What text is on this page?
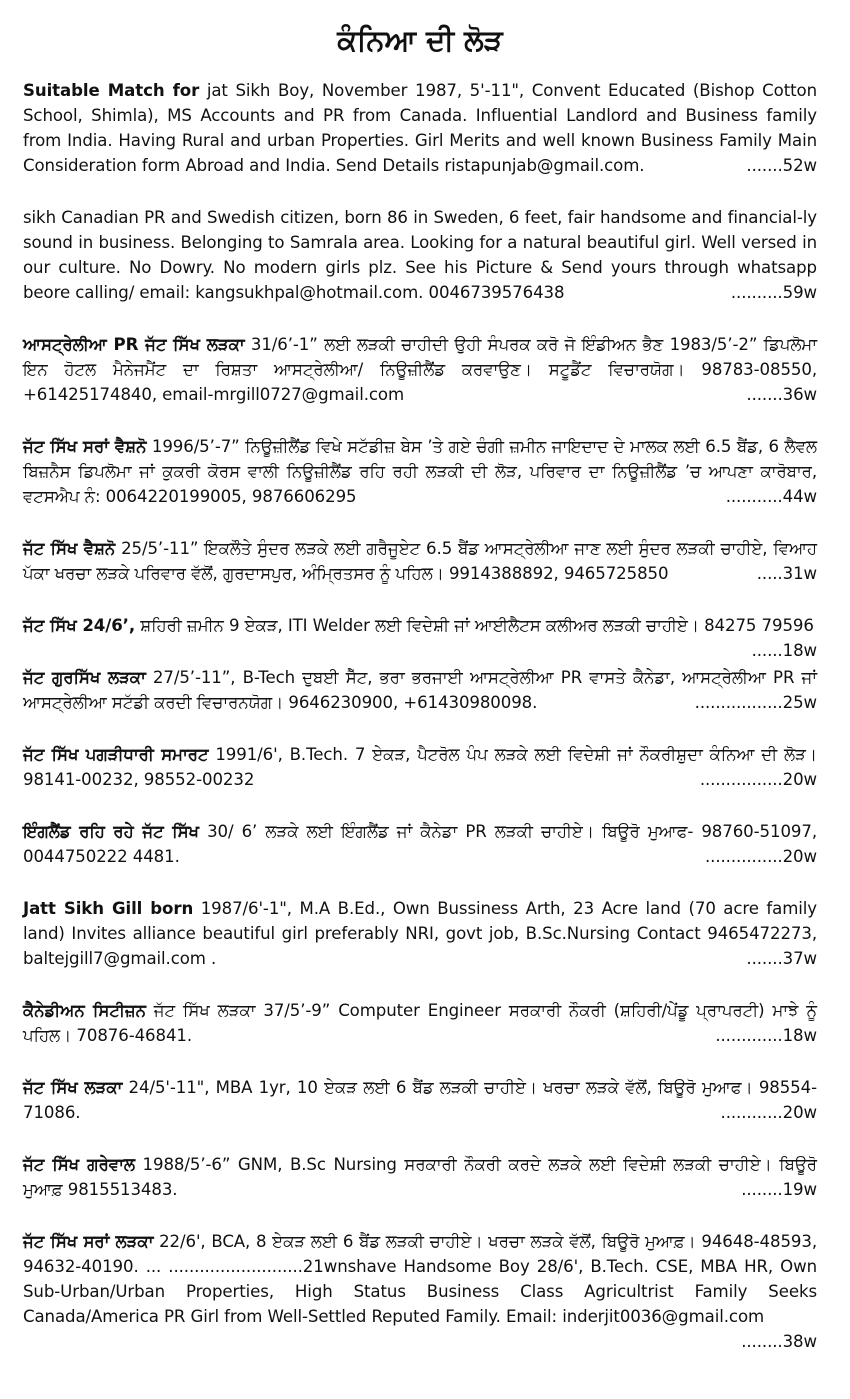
ਕੰਨਿਆ ਦੀ ਲੋੜ

Suitable Match for jat Sikh Boy, November 1987, 5'-11", Convent Educated (Bishop Cotton School, Shimla), MS Accounts and PR from Canada. Influential Landlord and Business family from India. Having Rural and urban Properties. Girl Merits and well known Business Family Main Consideration form Abroad and India. Send Details ristapunjab@gmail.com.	.......52w

sikh Canadian PR and Swedish citizen, born 86 in Sweden, 6 feet, fair handsome and financial-ly sound in business. Belonging to Samrala area. Looking for a natural beautiful girl. Well versed in our culture. No Dowry. No modern girls plz. See his Picture & Send yours through whatsapp beore calling/ email: kangsukhpal@hotmail.com. 0046739576438	..........59w

ਆਸਟ੍ਰੇਲੀਆ PR ਜੱਟ ਸਿੱਖ ਲੜਕਾ 31/6’-1” ਲਈ ਲੜਕੀ ਚਾਹੀਦੀ ਉਹੀ ਸੰਪਰਕ ਕਰੋ ਜੋ ਇੰਡੀਅਨ ਭੈਣ 1983/5’-2” ਡਿਪਲੋਮਾ ਇਨ ਹੋਟਲ ਮੈਨੇਜਮੈਂਟ ਦਾ ਰਿਸ਼ਤਾ ਆਸਟ੍ਰੇਲੀਆ/ ਨਿਊਜ਼ੀਲੈਂਡ ਕਰਵਾਉਣ। ਸਟੂਡੈਂਟ ਵਿਚਾਰਯੋਗ। 98783-08550, +61425174840, email-mrgill0727@gmail.com	.......36w

ਜੱਟ ਸਿੱਖ ਸਰਾਂ ਵੈਸ਼ਨੋ 1996/5’-7” ਨਿਊਜ਼ੀਲੈਂਡ ਵਿਖੇ ਸਟੱਡੀਜ਼ ਬੇਸ ’ਤੇ ਗਏ ਚੰਗੀ ਜ਼ਮੀਨ ਜਾਇਦਾਦ ਦੇ ਮਾਲਕ ਲਈ 6.5 ਬੈਂਡ, 6 ਲੈਵਲ ਬਿਜ਼ਨੈਸ ਡਿਪਲੋਮਾ ਜਾਂ ਕੁਕਰੀ ਕੋਰਸ ਵਾਲੀ ਨਿਊਜ਼ੀਲੈਂਡ ਰਹਿ ਰਹੀ ਲੜਕੀ ਦੀ ਲੋੜ, ਪਰਿਵਾਰ ਦਾ ਨਿਊਜ਼ੀਲੈਂਡ ’ਚ ਆਪਣਾ ਕਾਰੋਬਾਰ, ਵਟਸਐਪ ਨੰ: 0064220199005, 9876606295	...........44w

ਜੱਟ ਸਿੱਖ ਵੈਸ਼ਨੋ 25/5’-11” ਇਕਲੌਤੇ ਸੁੰਦਰ ਲੜਕੇ ਲਈ ਗਰੈਜੂਏਟ 6.5 ਬੈਂਡ ਆਸਟ੍ਰੇਲੀਆ ਜਾਣ ਲਈ ਸੁੰਦਰ ਲੜਕੀ ਚਾਹੀਏ, ਵਿਆਹ ਪੱਕਾ ਖਰਚਾ ਲੜਕੇ ਪਰਿਵਾਰ ਵੱਲੋਂ, ਗੁਰਦਾਸਪੁਰ, ਅੰਮ੍ਰਿਤਸਰ ਨੂੰ ਪਹਿਲ। 9914388892, 9465725850	.....31w

ਜੱਟ ਸਿੱਖ 24/6’, ਸ਼ਹਿਰੀ ਜ਼ਮੀਨ 9 ਏਕੜ, ITI Welder ਲਈ ਵਿਦੇਸ਼ੀ ਜਾਂ ਆਈਲੈਟਸ ਕਲੀਅਰ ਲੜਕੀ ਚਾਹੀਏ। 84275 79596
......18w

ਜੱਟ ਗੁਰਸਿੱਖ ਲੜਕਾ 27/5’-11”, B-Tech ਦੁਬਈ ਸੈੱਟ, ਭਰਾ ਭਰਜਾਈ ਆਸਟ੍ਰੇਲੀਆ PR ਵਾਸਤੇ ਕੈਨੇਡਾ, ਆਸਟ੍ਰੇਲੀਆ PR ਜਾਂ ਆਸਟ੍ਰੇਲੀਆ ਸਟੱਡੀ ਕਰਦੀ ਵਿਚਾਰਨਯੋਗ। 9646230900, +61430980098.	.................25w

ਜੱਟ ਸਿੱਖ ਪਗੜੀਧਾਰੀ ਸਮਾਰਟ 1991/6', B.Tech. 7 ਏਕੜ, ਪੈਟਰੋਲ ਪੰਪ ਲੜਕੇ ਲਈ ਵਿਦੇਸ਼ੀ ਜਾਂ ਨੌਕਰੀਸ਼ੁਦਾ ਕੰਨਿਆ ਦੀ ਲੋੜ। 98141-00232, 98552-00232	................20w

ਇੰਗਲੈਂਡ ਰਹਿ ਰਹੇ ਜੱਟ ਸਿੱਖ 30/ 6’ ਲੜਕੇ ਲਈ ਇੰਗਲੈਂਡ ਜਾਂ ਕੈਨੇਡਾ PR ਲੜਕੀ ਚਾਹੀਏ। ਬਿਊਰੋ ਮੁਆਫ- 98760-51097, 0044750222 4481.	...............20w

Jatt Sikh Gill born 1987/6'-1", M.A B.Ed., Own Bussiness Arth, 23 Acre land (70 acre family land) Invites alliance beautiful girl preferably NRI, govt job, B.Sc.Nursing Contact 9465472273, baltejgill7@gmail.com .	.......37w

ਕੈਨੇਡੀਅਨ ਸਿਟੀਜ਼ਨ ਜੱਟ ਸਿੱਖ ਲੜਕਾ 37/5’-9” Computer Engineer ਸਰਕਾਰੀ ਨੌਕਰੀ (ਸ਼ਹਿਰੀ/ਪੇਂਡੂ ਪ੍ਰਾਪਰਟੀ) ਮਾਝੇ ਨੂੰ ਪਹਿਲ। 70876-46841.	.............18w

ਜੱਟ ਸਿੱਖ ਲੜਕਾ 24/5'-11", MBA 1yr, 10 ਏਕੜ ਲਈ 6 ਬੈਂਡ ਲੜਕੀ ਚਾਹੀਏ। ਖਰਚਾ ਲੜਕੇ ਵੱਲੋਂ, ਬਿਊਰੋ ਮੁਆਫ। 98554-71086.	............20w

ਜੱਟ ਸਿੱਖ ਗਰੇਵਾਲ 1988/5’-6” GNM, B.Sc Nursing ਸਰਕਾਰੀ ਨੌਕਰੀ ਕਰਦੇ ਲੜਕੇ ਲਈ ਵਿਦੇਸ਼ੀ ਲੜਕੀ ਚਾਹੀਏ। ਬਿਊਰੋ ਮੁਆਫ਼ 9815513483.	........19w

ਜੱਟ ਸਿੱਖ ਸਰਾਂ ਲੜਕਾ 22/6', BCA, 8 ਏਕੜ ਲਈ 6 ਬੈਂਡ ਲੜਕੀ ਚਾਹੀਏ। ਖਰਚਾ ਲੜਕੇ ਵੱਲੋਂ, ਬਿਊਰੋ ਮੁਆਫ਼। 94648-48593, 94632-40190. ... ..........................21wnshave Handsome Boy 28/6', B.Tech. CSE, MBA HR, Own Sub-Urban/Urban Properties, High Status Business Class Agricultrist Family Seeks Canada/America PR Girl from Well-Settled Reputed Family. Email: inderjit0036@gmail.com
........38w
